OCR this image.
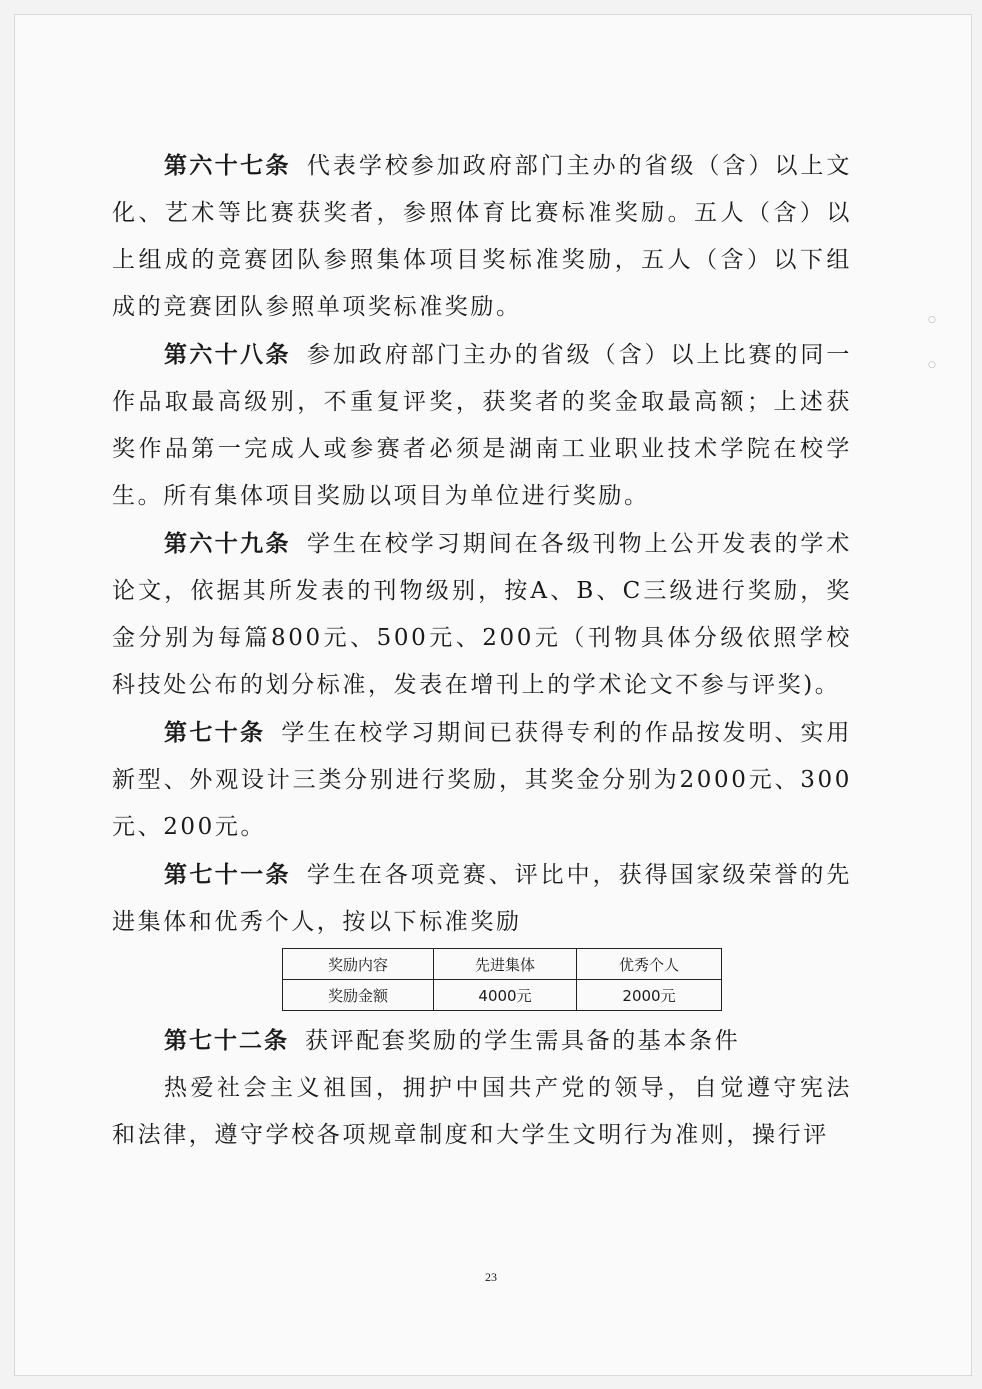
○
○

第六十七条 代表学校参加政府部门主办的省级（含）以上文化、艺术等比赛获奖者，参照体育比赛标准奖励。五人（含）以上组成的竞赛团队参照集体项目奖标准奖励，五人（含）以下组成的竞赛团队参照单项奖标准奖励。

第六十八条 参加政府部门主办的省级（含）以上比赛的同一作品取最高级别，不重复评奖，获奖者的奖金取最高额；上述获奖作品第一完成人或参赛者必须是湖南工业职业技术学院在校学生。所有集体项目奖励以项目为单位进行奖励。

第六十九条 学生在校学习期间在各级刊物上公开发表的学术论文，依据其所发表的刊物级别，按A、B、C三级进行奖励，奖金分别为每篇800元、500元、200元（刊物具体分级依照学校科技处公布的划分标准，发表在增刊上的学术论文不参与评奖)。

第七十条 学生在校学习期间已获得专利的作品按发明、实用新型、外观设计三类分别进行奖励，其奖金分别为2000元、300元、200元。

第七十一条 学生在各项竞赛、评比中，获得国家级荣誉的先进集体和优秀个人，按以下标准奖励

奖励内容	先进集体	优秀个人
奖励金额	4000元	2000元

第七十二条 获评配套奖励的学生需具备的基本条件

热爱社会主义祖国，拥护中国共产党的领导，自觉遵守宪法和法律，遵守学校各项规章制度和大学生文明行为准则，操行评

23
